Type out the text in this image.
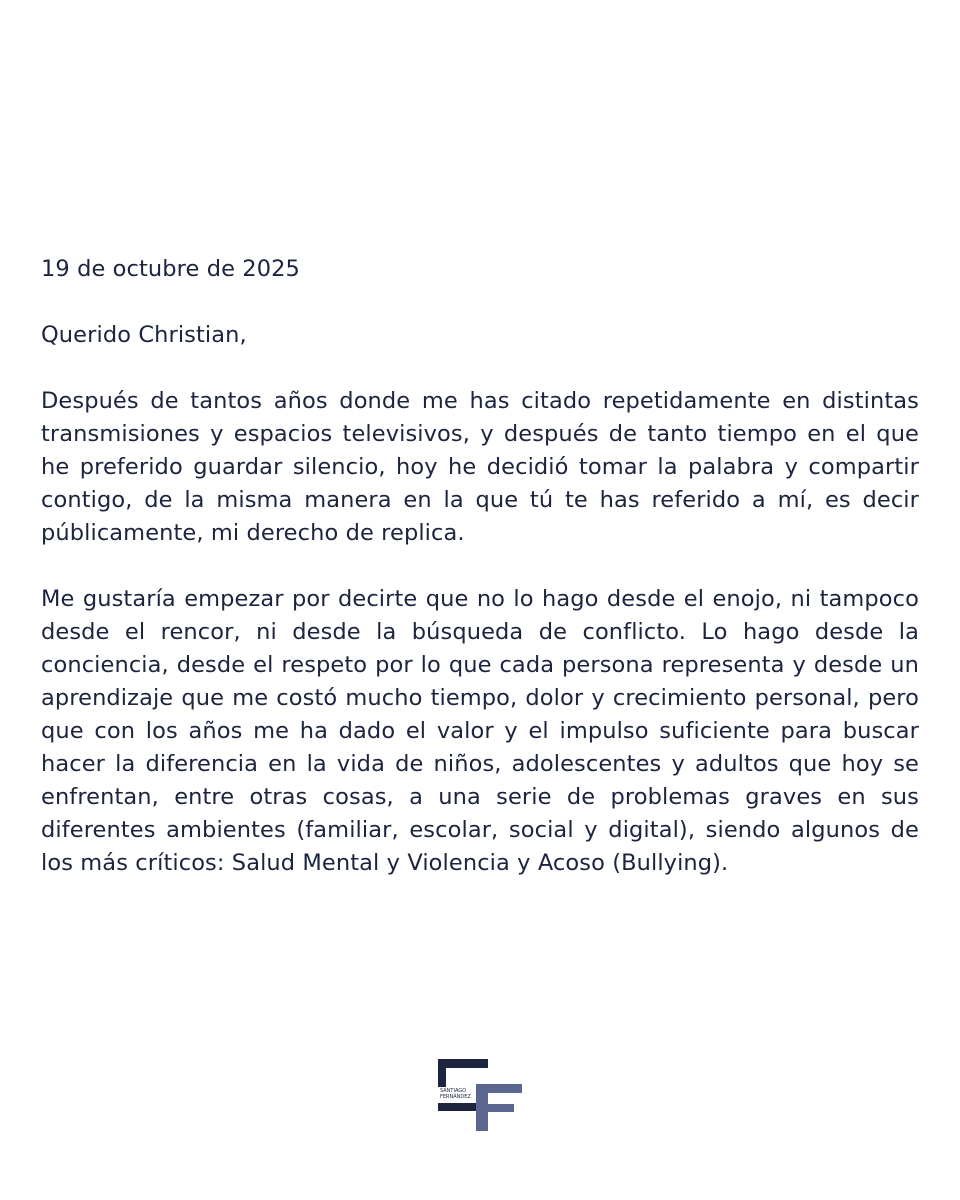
19 de octubre de 2025

Querido Christian,

Después de tantos años donde me has citado repetidamente en distintas transmisiones y espacios televisivos, y después de tanto tiempo en el que he preferido guardar silencio, hoy he decidió tomar la palabra y compartir contigo, de la misma manera en la que tú te has referido a mí, es decir públicamente, mi derecho de replica.

Me gustaría empezar por decirte que no lo hago desde el enojo, ni tampoco desde el rencor, ni desde la búsqueda de conflicto. Lo hago desde la conciencia, desde el respeto por lo que cada persona representa y desde un aprendizaje que me costó mucho tiempo, dolor y crecimiento personal, pero que con los años me ha dado el valor y el impulso suficiente para buscar hacer la diferencia en la vida de niños, adolescentes y adultos que hoy se enfrentan, entre otras cosas, a una serie de problemas graves en sus diferentes ambientes (familiar, escolar, social y digital), siendo algunos de los más críticos: Salud Mental y Violencia y Acoso (Bullying).

SANTIAGO
FERNÁNDEZ
